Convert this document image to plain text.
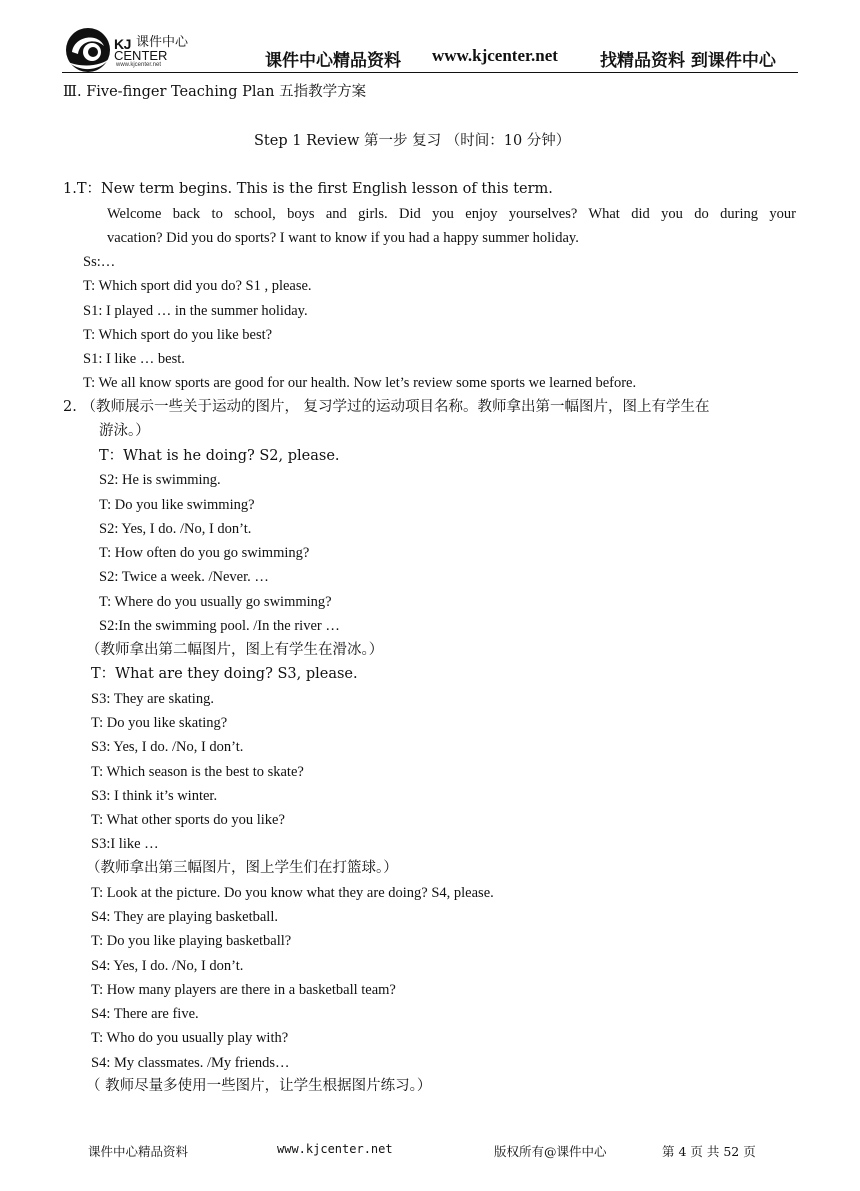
KJ 课件中心
CENTER
www.kjcenter.net	课件中心精品资料 www.kjcenter.net 找精品资料 到课件中心
Ⅲ. Five-finger Teaching Plan 五指教学方案
Step 1 Review 第一步 复习 （时间：10 分钟）
1.T：New term begins. This is the first English lesson of this term.
Welcome back to school, boys and girls. Did you enjoy yourselves? What did you do during your
vacation? Did you do sports? I want to know if you had a happy summer holiday.
Ss:…
T: Which sport did you do? S1 , please.
S1: I played … in the summer holiday.
T: Which sport do you like best?
S1: I like … best.
T: We all know sports are good for our health. Now let’s review some sports we learned before.
2. （教师展示一些关于运动的图片， 复习学过的运动项目名称。教师拿出第一幅图片，图上有学生在
游泳。）
T：What is he doing? S2, please.
S2: He is swimming.
T: Do you like swimming?
S2: Yes, I do. /No, I don’t.
T: How often do you go swimming?
S2: Twice a week. /Never. …
T: Where do you usually go swimming?
S2:In the swimming pool. /In the river …
（教师拿出第二幅图片，图上有学生在滑冰。）
T：What are they doing? S3, please.
S3: They are skating.
T: Do you like skating?
S3: Yes, I do. /No, I don’t.
T: Which season is the best to skate?
S3: I think it’s winter.
T: What other sports do you like?
S3:I like …
（教师拿出第三幅图片，图上学生们在打篮球。）
T: Look at the picture. Do you know what they are doing? S4, please.
S4: They are playing basketball.
T: Do you like playing basketball?
S4: Yes, I do. /No, I don’t.
T: How many players are there in a basketball team?
S4: There are five.
T: Who do you usually play with?
S4: My classmates. /My friends…
（ 教师尽量多使用一些图片，让学生根据图片练习。）
课件中心精品资料	www.kjcenter.net	版权所有@课件中心	第 4 页 共 52 页
